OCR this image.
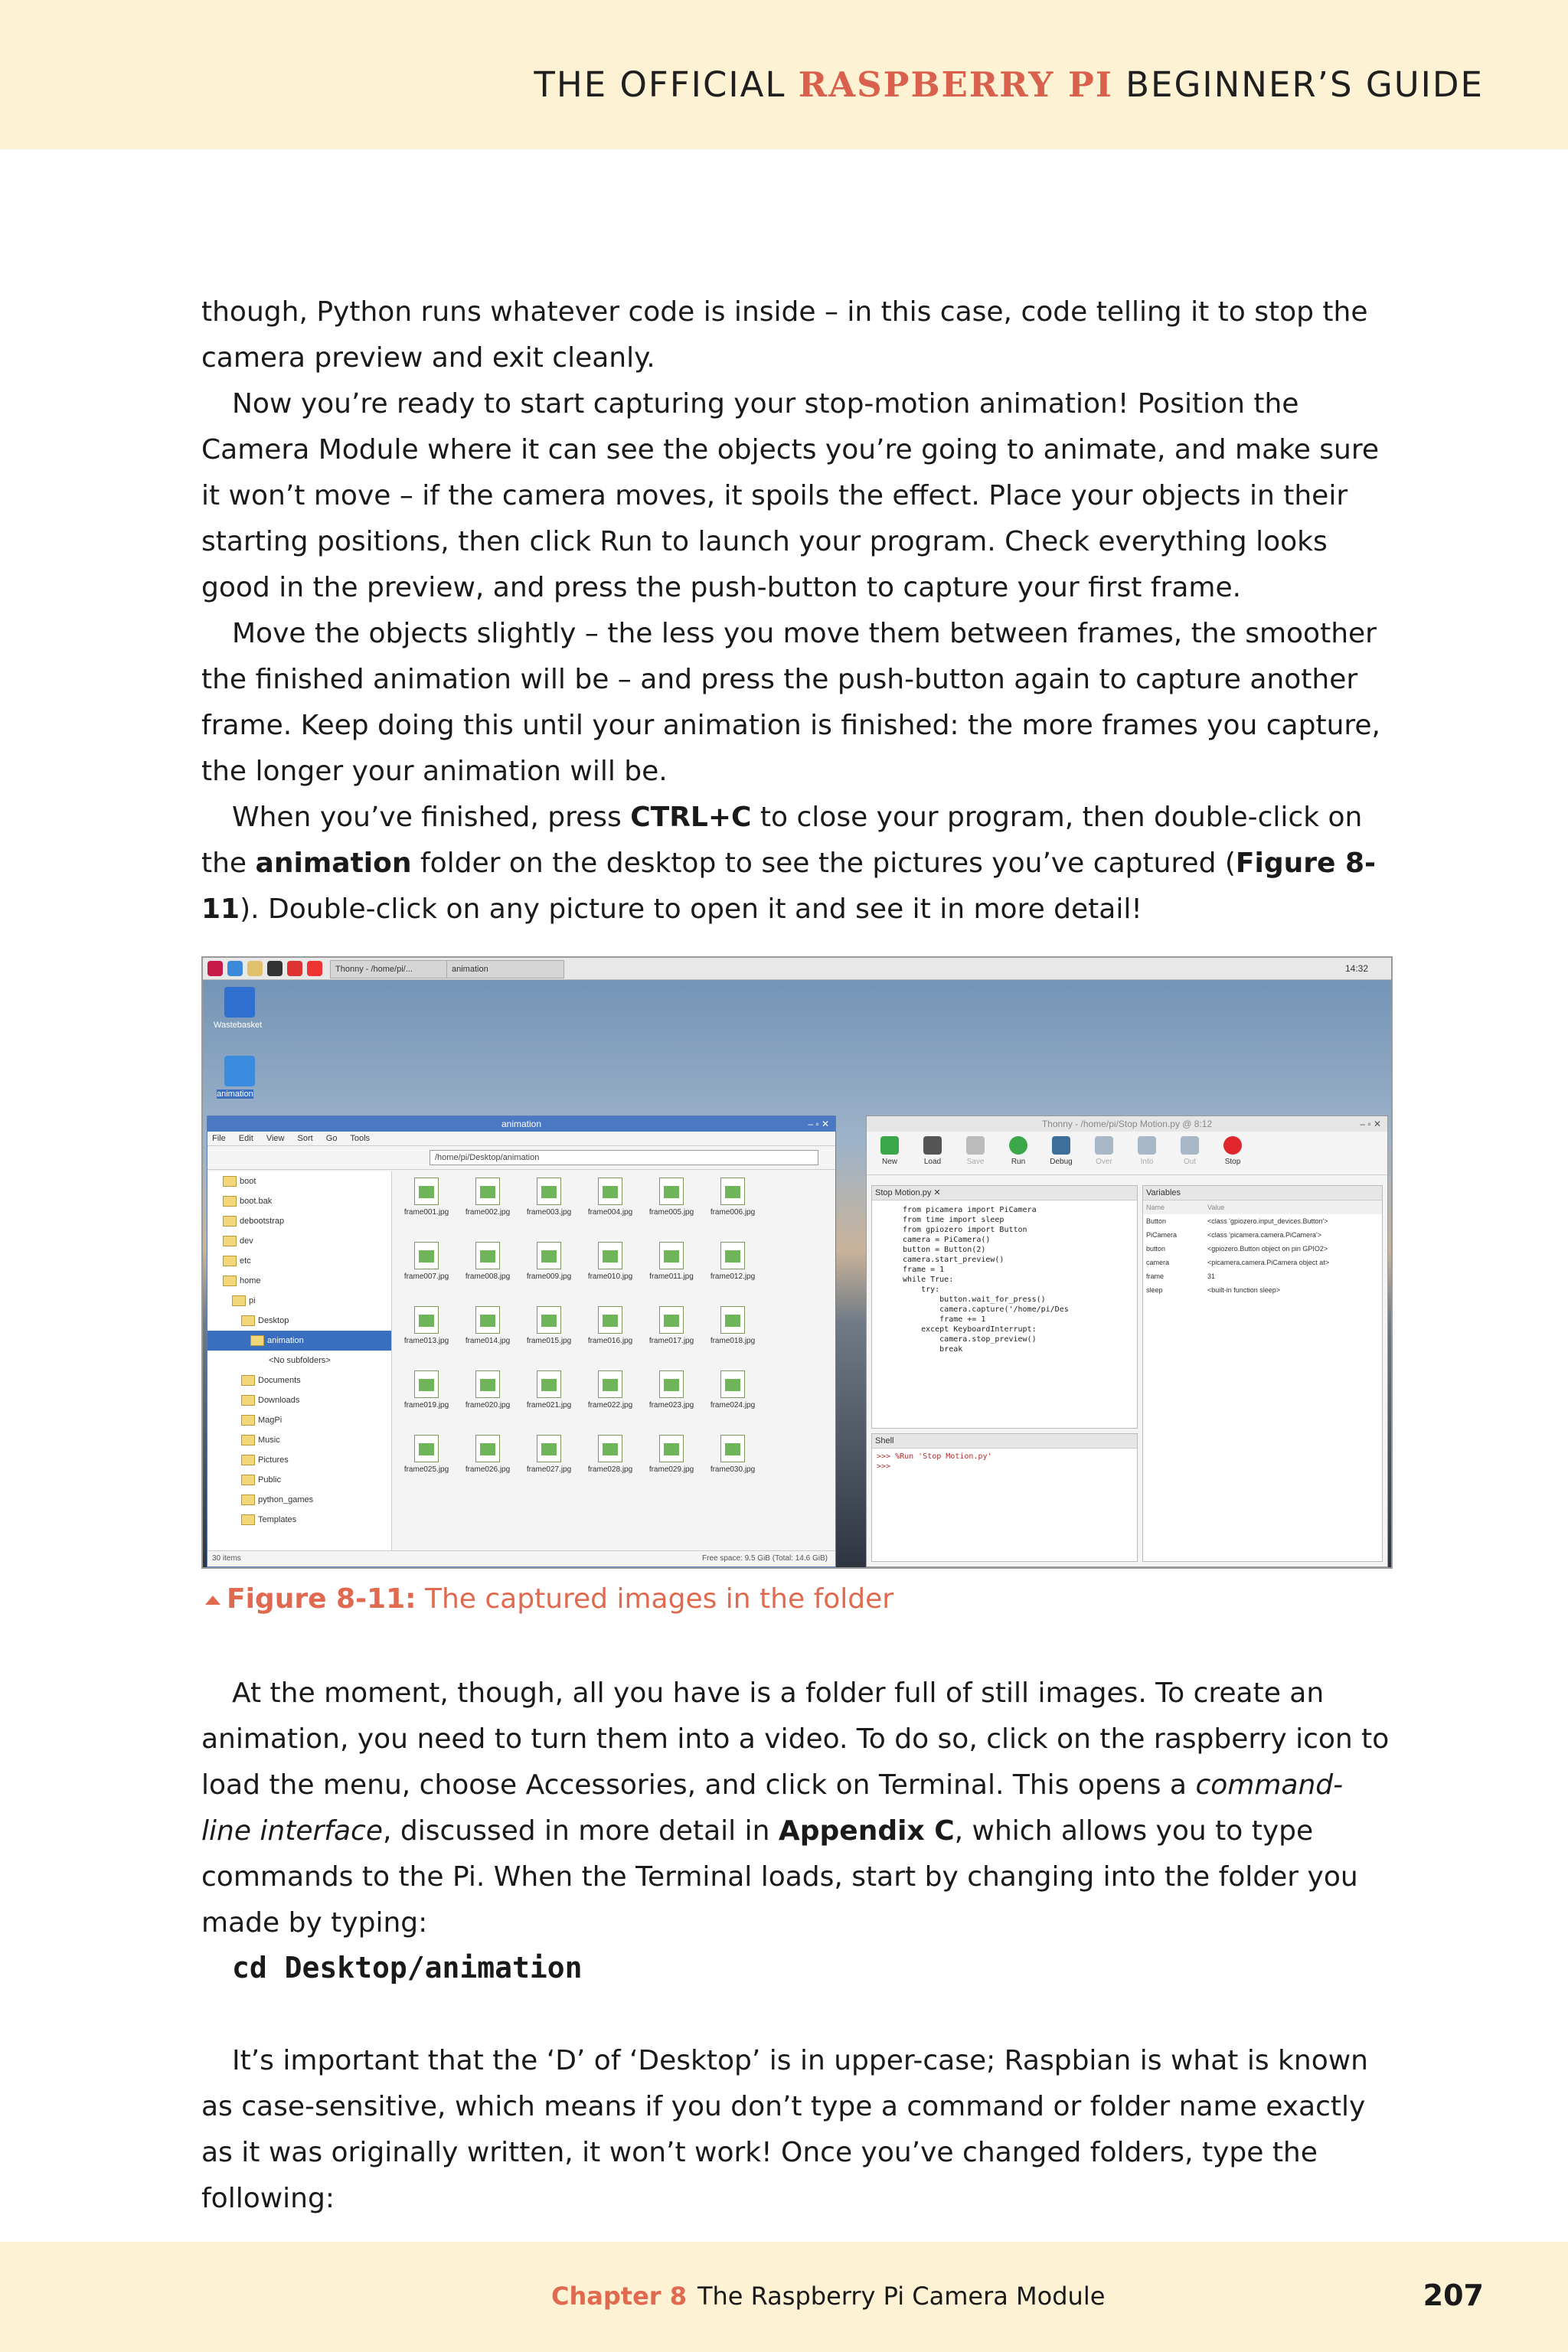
THE OFFICIAL RASPBERRY PI BEGINNER’S GUIDE

though, Python runs whatever code is inside – in this case, code telling it to stop the camera preview and exit cleanly.

Now you’re ready to start capturing your stop-motion animation! Position the Camera Module where it can see the objects you’re going to animate, and make sure it won’t move – if the camera moves, it spoils the effect. Place your objects in their starting positions, then click Run to launch your program. Check everything looks good in the preview, and press the push-button to capture your first frame.

Move the objects slightly – the less you move them between frames, the smoother the finished animation will be – and press the push-button again to capture another frame. Keep doing this until your animation is finished: the more frames you capture, the longer your animation will be.

When you’ve finished, press CTRL+C to close your program, then double-click on the animation folder on the desktop to see the pictures you’ve captured (Figure 8-11). Double-click on any picture to open it and see it in more detail!

Thonny - /home/pi/...	animation	14:32
Wastebasket
animation
animation	– ▫ ✕
File Edit View Sort Go Tools
/home/pi/Desktop/animation
boot
boot.bak
debootstrap
dev
etc
home
pi
Desktop
animation
<No subfolders>
Documents
Downloads
MagPi
Music
Pictures
Public
python_games
Templates
frame001.jpg	frame002.jpg	frame003.jpg	frame004.jpg	frame005.jpg	frame006.jpg
frame007.jpg	frame008.jpg	frame009.jpg	frame010.jpg	frame011.jpg	frame012.jpg
frame013.jpg	frame014.jpg	frame015.jpg	frame016.jpg	frame017.jpg	frame018.jpg
frame019.jpg	frame020.jpg	frame021.jpg	frame022.jpg	frame023.jpg	frame024.jpg
frame025.jpg	frame026.jpg	frame027.jpg	frame028.jpg	frame029.jpg	frame030.jpg
30 items	Free space: 9.5 GiB (Total: 14.6 GiB)
Thonny - /home/pi/Stop Motion.py @ 8:12	– ▫ ✕
New	Load	Save	Run	Debug	Over	Into	Out	Stop
Stop Motion.py ✕
from picamera import PiCamera
from time import sleep
from gpiozero import Button
camera = PiCamera()
button = Button(2)
camera.start_preview()
frame = 1
while True:
try:
button.wait_for_press()
camera.capture('/home/pi/Des
frame += 1
except KeyboardInterrupt:
camera.stop_preview()
break
Shell
>>> %Run 'Stop Motion.py'
>>>
Variables
Name	Value
Button	<class 'gpiozero.input_devices.Button'>
PiCamera	<class 'picamera.camera.PiCamera'>
button	<gpiozero.Button object on pin GPIO2>
camera	<picamera.camera.PiCamera object at>
frame	31
sleep	<built-in function sleep>
Figure 8-11: The captured images in the folder

At the moment, though, all you have is a folder full of still images. To create an animation, you need to turn them into a video. To do so, click on the raspberry icon to load the menu, choose Accessories, and click on Terminal. This opens a command-line interface, discussed in more detail in Appendix C, which allows you to type commands to the Pi. When the Terminal loads, start by changing into the folder you made by typing:

cd Desktop/animation

It’s important that the ‘D’ of ‘Desktop’ is in upper-case; Raspbian is what is known as case-sensitive, which means if you don’t type a command or folder name exactly as it was originally written, it won’t work! Once you’ve changed folders, type the following:

Chapter 8 The Raspberry Pi Camera Module	207
